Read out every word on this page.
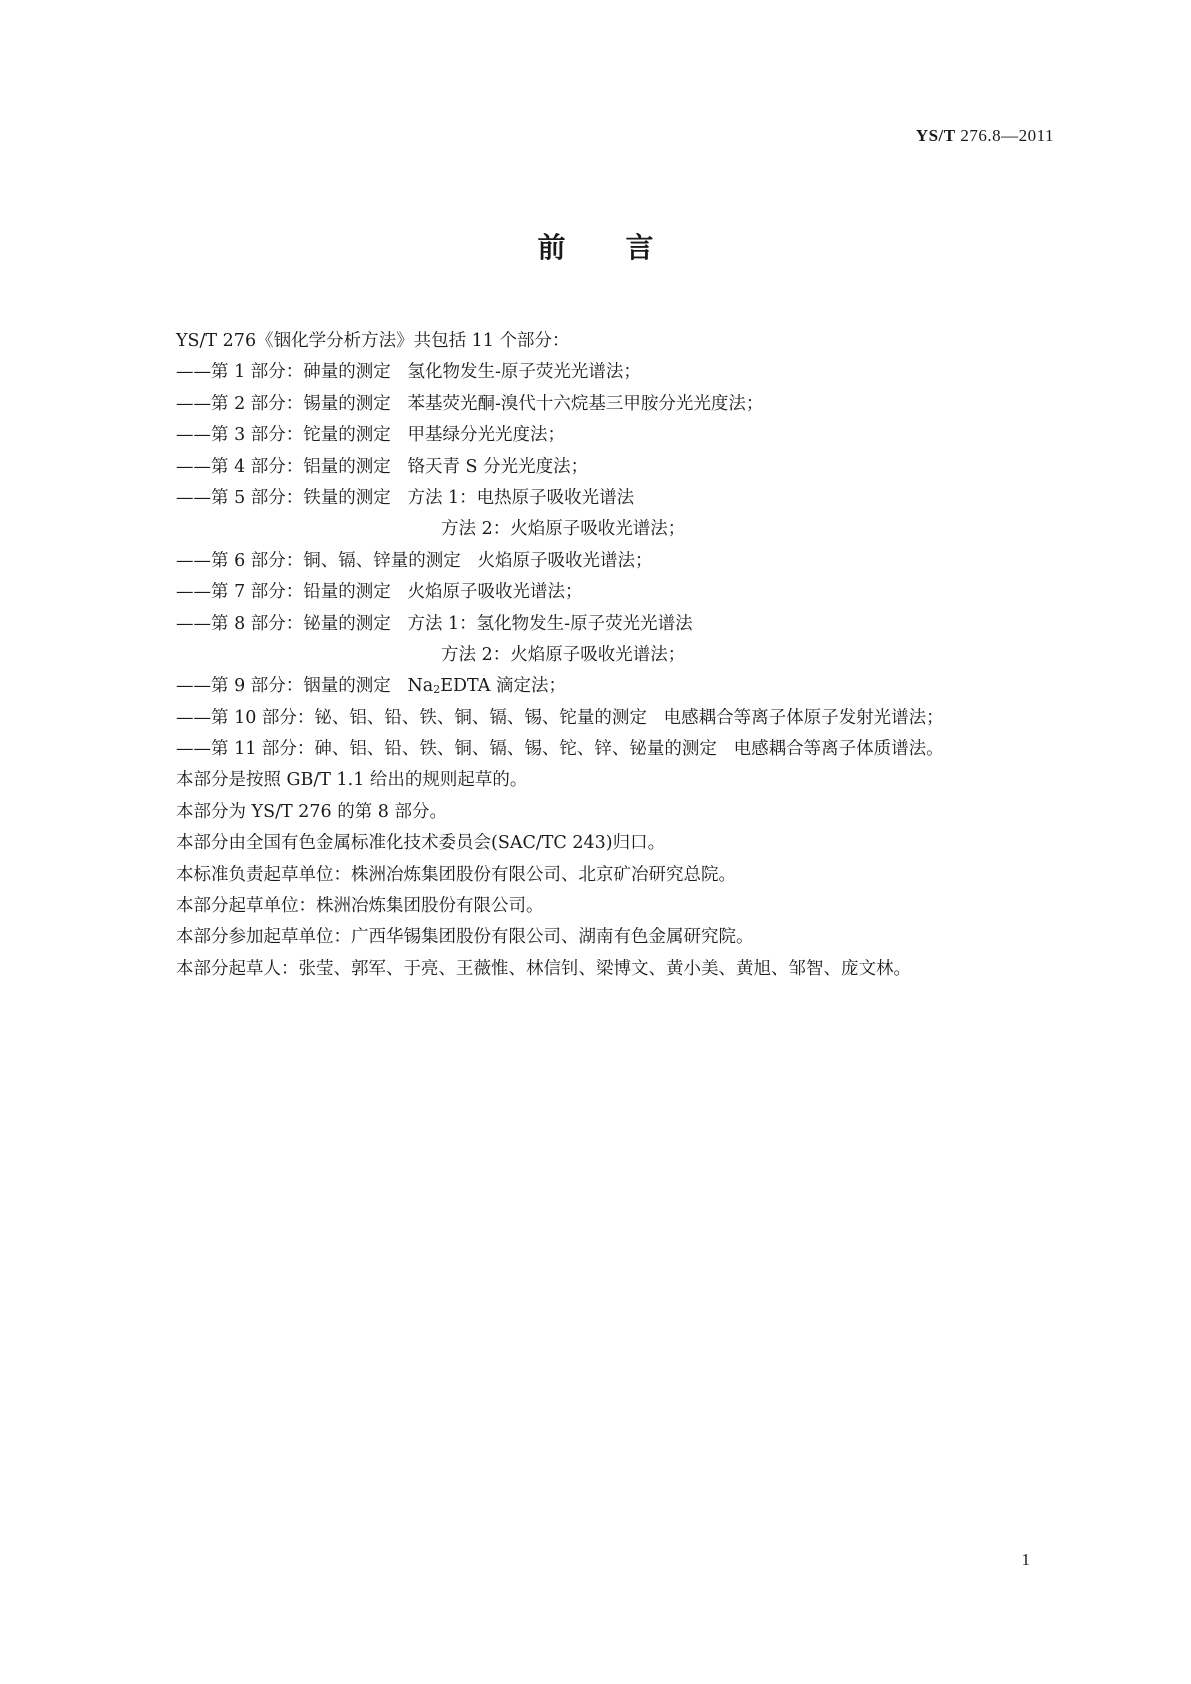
YS/T 276.8—2011
前言
YS/T 276《铟化学分析方法》共包括 11 个部分：
——第 1 部分：砷量的测定 氢化物发生-原子荧光光谱法；
——第 2 部分：锡量的测定 苯基荧光酮-溴代十六烷基三甲胺分光光度法；
——第 3 部分：铊量的测定 甲基绿分光光度法；
——第 4 部分：铝量的测定 铬天青 S 分光光度法；
——第 5 部分：铁量的测定 方法 1：电热原子吸收光谱法
方法 2：火焰原子吸收光谱法；
——第 6 部分：铜、镉、锌量的测定 火焰原子吸收光谱法；
——第 7 部分：铅量的测定 火焰原子吸收光谱法；
——第 8 部分：铋量的测定 方法 1：氢化物发生-原子荧光光谱法
方法 2：火焰原子吸收光谱法；
——第 9 部分：铟量的测定 $Na_2EDTA$ 滴定法；
——第 10 部分：铋、铝、铅、铁、铜、镉、锡、铊量的测定 电感耦合等离子体原子发射光谱法；
——第 11 部分：砷、铝、铅、铁、铜、镉、锡、铊、锌、铋量的测定 电感耦合等离子体质谱法。
本部分是按照 GB/T 1.1 给出的规则起草的。
本部分为 YS/T 276 的第 8 部分。
本部分由全国有色金属标准化技术委员会(SAC/TC 243)归口。
本标准负责起草单位：株洲冶炼集团股份有限公司、北京矿冶研究总院。
本部分起草单位：株洲冶炼集团股份有限公司。
本部分参加起草单位：广西华锡集团股份有限公司、湖南有色金属研究院。
本部分起草人：张莹、郭军、于亮、王薇惟、林信钊、梁博文、黄小美、黄旭、邹智、庞文林。
1
